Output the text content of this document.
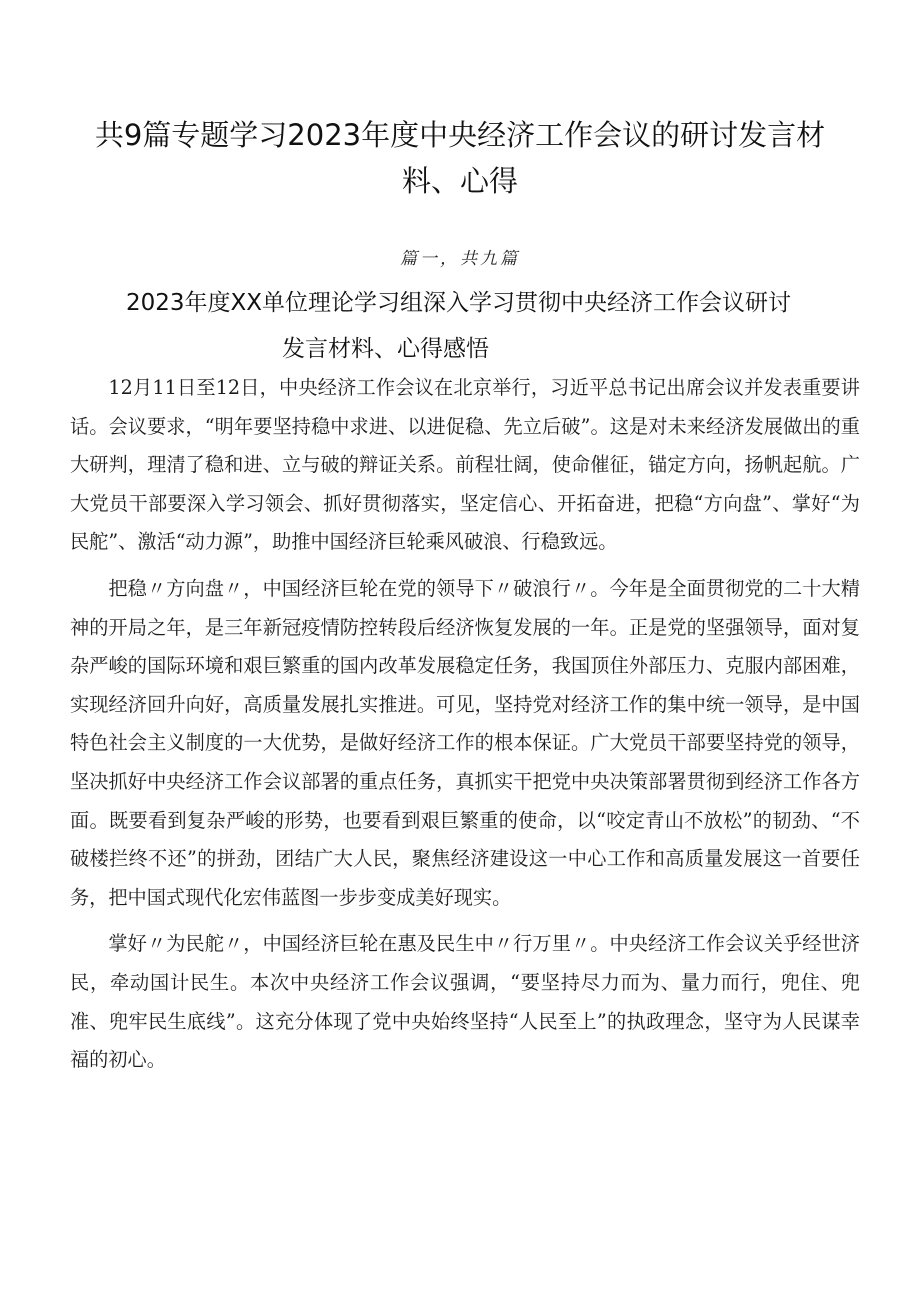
共9篇专题学习2023年度中央经济工作会议的研讨发言材料、心得
篇一，共九篇
2023年度XX单位理论学习组深入学习贯彻中央经济工作会议研讨
发言材料、心得感悟

12月11日至12日，中央经济工作会议在北京举行，习近平总书记出席会议并发表重要讲话。会议要求，“明年要坚持稳中求进、以进促稳、先立后破”。这是对未来经济发展做出的重大研判，理清了稳和进、立与破的辩证关系。前程壮阔，使命催征，锚定方向，扬帆起航。广大党员干部要深入学习领会、抓好贯彻落实，坚定信心、开拓奋进，把稳“方向盘”、掌好“为民舵”、激活“动力源”，助推中国经济巨轮乘风破浪、行稳致远。

把稳〃方向盘〃，中国经济巨轮在党的领导下〃破浪行〃。今年是全面贯彻党的二十大精神的开局之年，是三年新冠疫情防控转段后经济恢复发展的一年。正是党的坚强领导，面对复杂严峻的国际环境和艰巨繁重的国内改革发展稳定任务，我国顶住外部压力、克服内部困难，实现经济回升向好，高质量发展扎实推进。可见，坚持党对经济工作的集中统一领导，是中国特色社会主义制度的一大优势，是做好经济工作的根本保证。广大党员干部要坚持党的领导，坚决抓好中央经济工作会议部署的重点任务，真抓实干把党中央决策部署贯彻到经济工作各方面。既要看到复杂严峻的形势，也要看到艰巨繁重的使命，以“咬定青山不放松”的韧劲、“不破楼拦终不还”的拼劲，团结广大人民，聚焦经济建设这一中心工作和高质量发展这一首要任务，把中国式现代化宏伟蓝图一步步变成美好现实。

掌好〃为民舵〃，中国经济巨轮在惠及民生中〃行万里〃。中央经济工作会议关乎经世济民，牵动国计民生。本次中央经济工作会议强调，“要坚持尽力而为、量力而行，兜住、兜准、兜牢民生底线”。这充分体现了党中央始终坚持“人民至上”的执政理念，坚守为人民谋幸福的初心。
